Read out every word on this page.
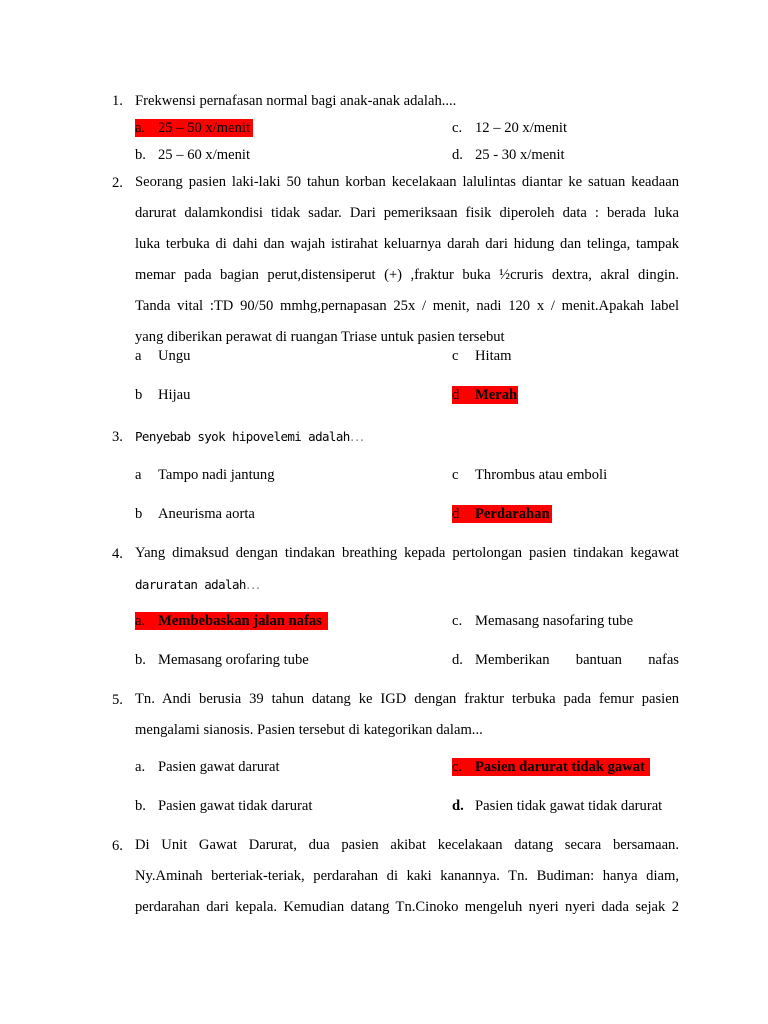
1. Frekwensi pernafasan normal bagi anak-anak adalah....
a. 25 – 50 x/menit	c. 12 – 20 x/menit
b. 25 – 60 x/menit	d. 25 - 30 x/menit
2. Seorang pasien laki-laki 50 tahun korban kecelakaan lalulintas diantar ke satuan keadaan
darurat dalamkondisi tidak sadar. Dari pemeriksaan fisik diperoleh data : berada luka
luka terbuka di dahi dan wajah istirahat keluarnya darah dari hidung dan telinga, tampak
memar pada bagian perut,distensiperut (+) ,fraktur buka ½cruris dextra, akral dingin.
Tanda vital :TD 90/50 mmhg,pernapasan 25x / menit, nadi 120 x / menit.Apakah label
yang diberikan perawat di ruangan Triase untuk pasien tersebut
a Ungu	c Hitam
b Hijau	d Merah
3. Penyebab syok hipovelemi adalah…
a Tampo nadi jantung	c Thrombus atau emboli
b Aneurisma aorta	d Perdarahan
4. Yang dimaksud dengan tindakan breathing kepada pertolongan pasien tindakan kegawat
daruratan adalah…
a. Membebaskan jalan nafas	c. Memasang nasofaring tube
b. Memasang orofaring tube	d. Memberikan bantuan nafas
5. Tn. Andi berusia 39 tahun datang ke IGD dengan fraktur terbuka pada femur pasien
mengalami sianosis. Pasien tersebut di kategorikan dalam...
a. Pasien gawat darurat	c. Pasien darurat tidak gawat
b. Pasien gawat tidak darurat	d. Pasien tidak gawat tidak darurat
6. Di Unit Gawat Darurat, dua pasien akibat kecelakaan datang secara bersamaan.
Ny.Aminah berteriak-teriak, perdarahan di kaki kanannya. Tn. Budiman: hanya diam,
perdarahan dari kepala. Kemudian datang Tn.Cinoko mengeluh nyeri nyeri dada sejak 2
